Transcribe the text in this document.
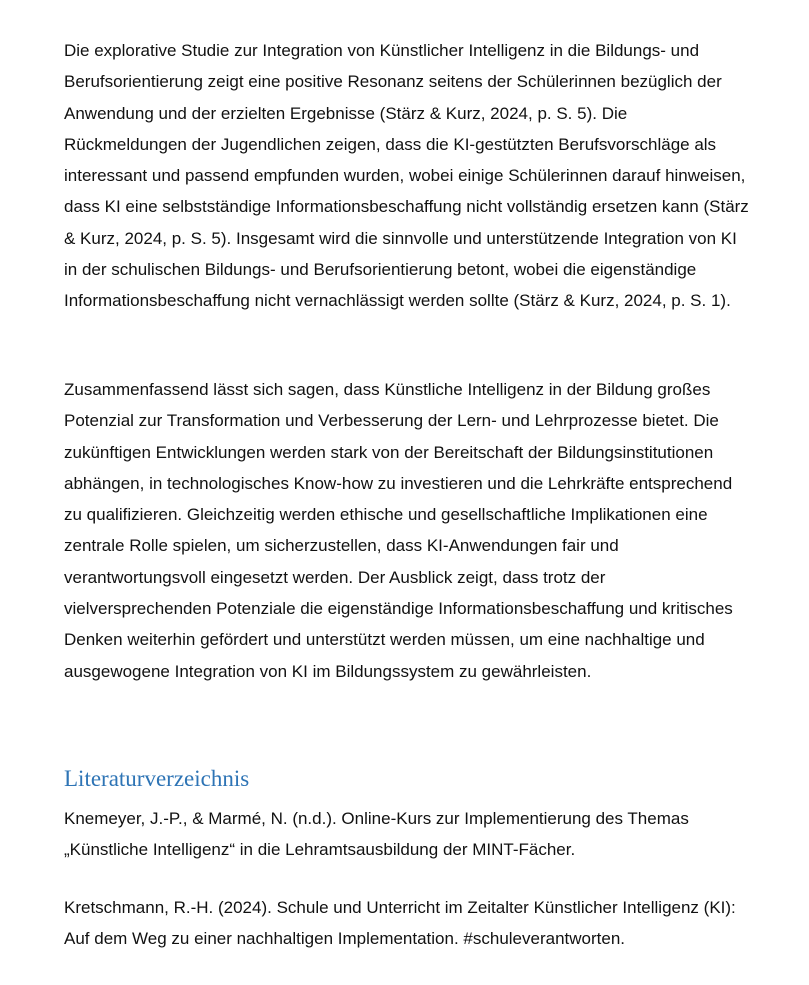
Die explorative Studie zur Integration von Künstlicher Intelligenz in die Bildungs- und Berufsorientierung zeigt eine positive Resonanz seitens der Schülerinnen bezüglich der Anwendung und der erzielten Ergebnisse (Stärz & Kurz, 2024, p. S. 5). Die Rückmeldungen der Jugendlichen zeigen, dass die KI-gestützten Berufsvorschläge als interessant und passend empfunden wurden, wobei einige Schülerinnen darauf hinweisen, dass KI eine selbstständige Informationsbeschaffung nicht vollständig ersetzen kann (Stärz & Kurz, 2024, p. S. 5). Insgesamt wird die sinnvolle und unterstützende Integration von KI in der schulischen Bildungs- und Berufsorientierung betont, wobei die eigenständige Informationsbeschaffung nicht vernachlässigt werden sollte (Stärz & Kurz, 2024, p. S. 1).

Zusammenfassend lässt sich sagen, dass Künstliche Intelligenz in der Bildung großes Potenzial zur Transformation und Verbesserung der Lern- und Lehrprozesse bietet. Die zukünftigen Entwicklungen werden stark von der Bereitschaft der Bildungsinstitutionen abhängen, in technologisches Know-how zu investieren und die Lehrkräfte entsprechend zu qualifizieren. Gleichzeitig werden ethische und gesellschaftliche Implikationen eine zentrale Rolle spielen, um sicherzustellen, dass KI-Anwendungen fair und verantwortungsvoll eingesetzt werden. Der Ausblick zeigt, dass trotz der vielversprechenden Potenziale die eigenständige Informationsbeschaffung und kritisches Denken weiterhin gefördert und unterstützt werden müssen, um eine nachhaltige und ausgewogene Integration von KI im Bildungssystem zu gewährleisten.

Literaturverzeichnis

Knemeyer, J.-P., & Marmé, N. (n.d.). Online-Kurs zur Implementierung des Themas „Künstliche Intelligenz“ in die Lehramtsausbildung der MINT-Fächer.

Kretschmann, R.-H. (2024). Schule und Unterricht im Zeitalter Künstlicher Intelligenz (KI): Auf dem Weg zu einer nachhaltigen Implementation. #schuleverantworten.
